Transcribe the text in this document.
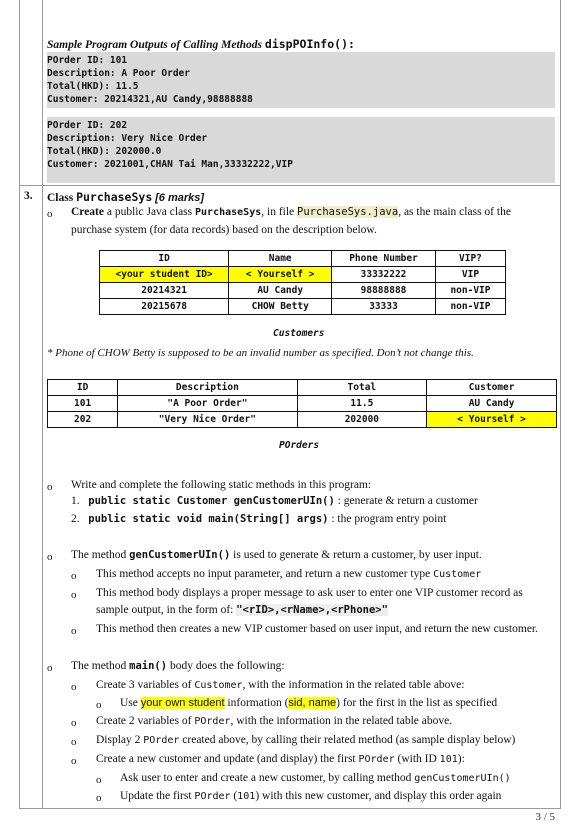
Sample Program Outputs of Calling Methods dispPOInfo():
POrder ID: 101
Description: A Poor Order
Total(HKD): 11.5
Customer: 20214321,AU Candy,98888888
POrder ID: 202
Description: Very Nice Order
Total(HKD): 202000.0
Customer: 2021001,CHAN Tai Man,33332222,VIP
3. Class PurchaseSys [6 marks]
o Create a public Java class PurchaseSys, in file PurchaseSys.java, as the main class of the
purchase system (for data records) based on the description below.
ID	Name	Phone Number	VIP?
<your student ID>	< Yourself >	33332222	VIP
20214321	AU Candy	98888888	non-VIP
20215678	CHOW Betty	33333	non-VIP
Customers
* Phone of CHOW Betty is supposed to be an invalid number as specified. Don’t not change this.
ID	Description	Total	Customer
101	"A Poor Order"	11.5	AU Candy
202	"Very Nice Order"	202000	< Yourself >
POrders
o Write and complete the following static methods in this program:
1. public static Customer genCustomerUIn() : generate & return a customer
2. public static void main(String[] args) : the program entry point
o The method genCustomerUIn() is used to generate & return a customer, by user input.
o This method accepts no input parameter, and return a new customer type Customer
o This method body displays a proper message to ask user to enter one VIP customer record as
sample output, in the form of: "<rID>,<rName>,<rPhone>"
o This method then creates a new VIP customer based on user input, and return the new customer.
o The method main() body does the following:
o Create 3 variables of Customer, with the information in the related table above:
o Use your own student information (sid, name) for the first in the list as specified
o Create 2 variables of POrder, with the information in the related table above.
o Display 2 POrder created above, by calling their related method (as sample display below)
o Create a new customer and update (and display) the first POrder (with ID 101):
o Ask user to enter and create a new customer, by calling method genCustomerUIn()
o Update the first POrder (101) with this new customer, and display this order again
3 / 5
